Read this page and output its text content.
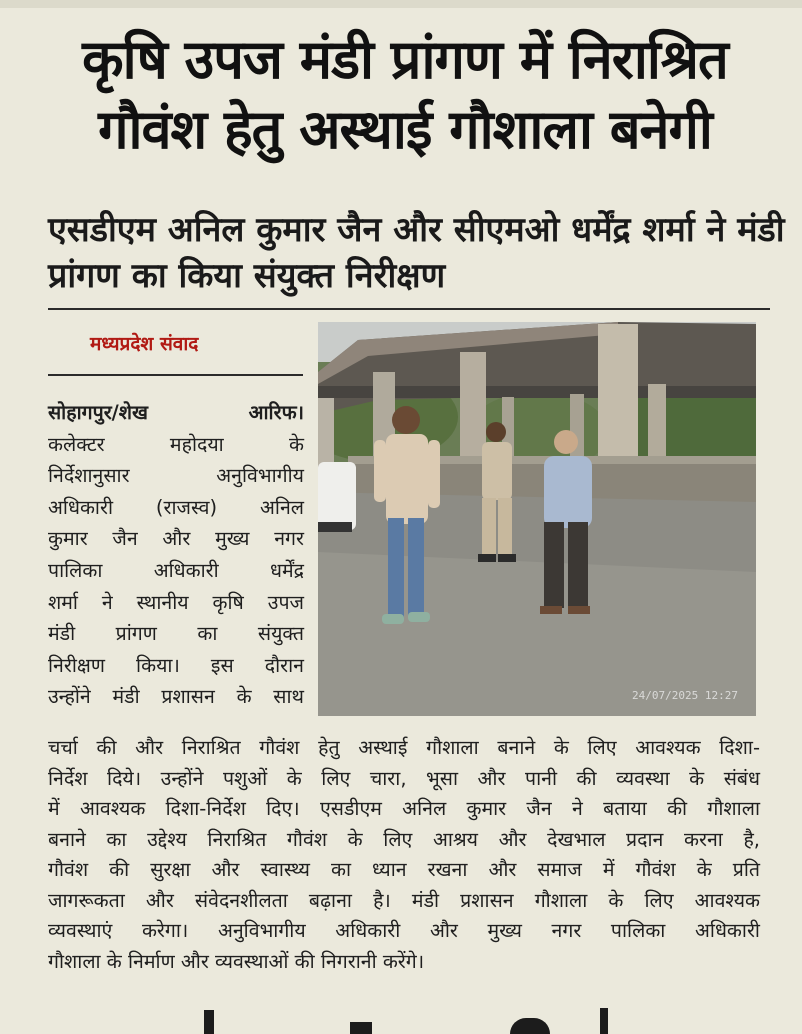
कृषि उपज मंडी प्रांगण में निराश्रित
गौवंश हेतु अस्थाई गौशाला बनेगी
एसडीएम अनिल कुमार जैन और सीएमओ धर्मेंद्र शर्मा ने मंडी
प्रांगण का किया संयुक्त निरीक्षण
मध्यप्रदेश संवाद
24/07/2025 12:27
सोहागपुर/शेख आरिफ।
कलेक्टर महोदया के
निर्देशानुसार अनुविभागीय
अधिकारी (राजस्व) अनिल
कुमार जैन और मुख्य नगर
पालिका अधिकारी धर्मेंद्र
शर्मा ने स्थानीय कृषि उपज
मंडी प्रांगण का संयुक्त
निरीक्षण किया। इस दौरान
उन्होंने मंडी प्रशासन के साथ
चर्चा की और निराश्रित गौवंश हेतु अस्थाई गौशाला बनाने के लिए आवश्यक दिशा-
निर्देश दिये। उन्होंने पशुओं के लिए चारा, भूसा और पानी की व्यवस्था के संबंध
में आवश्यक दिशा-निर्देश दिए। एसडीएम अनिल कुमार जैन ने बताया की गौशाला
बनाने का उद्देश्य निराश्रित गौवंश के लिए आश्रय और देखभाल प्रदान करना है,
गौवंश की सुरक्षा और स्वास्थ्य का ध्यान रखना और समाज में गौवंश के प्रति
जागरूकता और संवेदनशीलता बढ़ाना है। मंडी प्रशासन गौशाला के लिए आवश्यक
व्यवस्थाएं करेगा। अनुविभागीय अधिकारी और मुख्य नगर पालिका अधिकारी
गौशाला के निर्माण और व्यवस्थाओं की निगरानी करेंगे।
